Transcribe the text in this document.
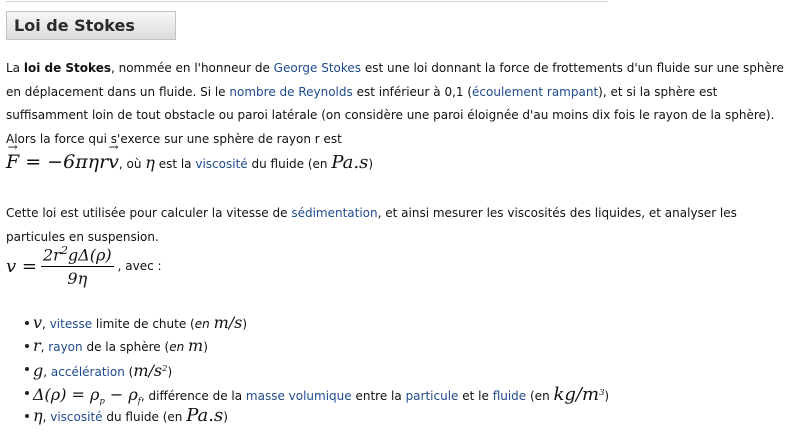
Loi de Stokes
La loi de Stokes, nommée en l'honneur de George Stokes est une loi donnant la force de frottements d'un fluide sur une sphère en déplacement dans un fluide. Si le nombre de Reynolds est inférieur à 0,1 (écoulement rampant), et si la sphère est suffisamment loin de tout obstacle ou paroi latérale (on considère une paroi éloignée d'au moins dix fois le rayon de la sphère). Alors la force qui s'exerce sur une sphère de rayon r est
→ F = −6πηr→ v, où η est la viscosité du fluide (en Pa.s)
Cette loi est utilisée pour calculer la vitesse de sédimentation, et ainsi mesurer les viscosités des liquides, et analyser les particules en suspension.
$v = \frac{2r^2g\Delta(\rho)}{9\eta}$ , avec :
v, vitesse limite de chute (en m/s)
r, rayon de la sphère (en m)
g, accélération $(m/s^2)$
$\Delta(\rho) = \rho_p - \rho_f$, différence de la masse volumique entre la particule et le fluide (en $kg/m^3$)
η, viscosité du fluide (en Pa.s)
